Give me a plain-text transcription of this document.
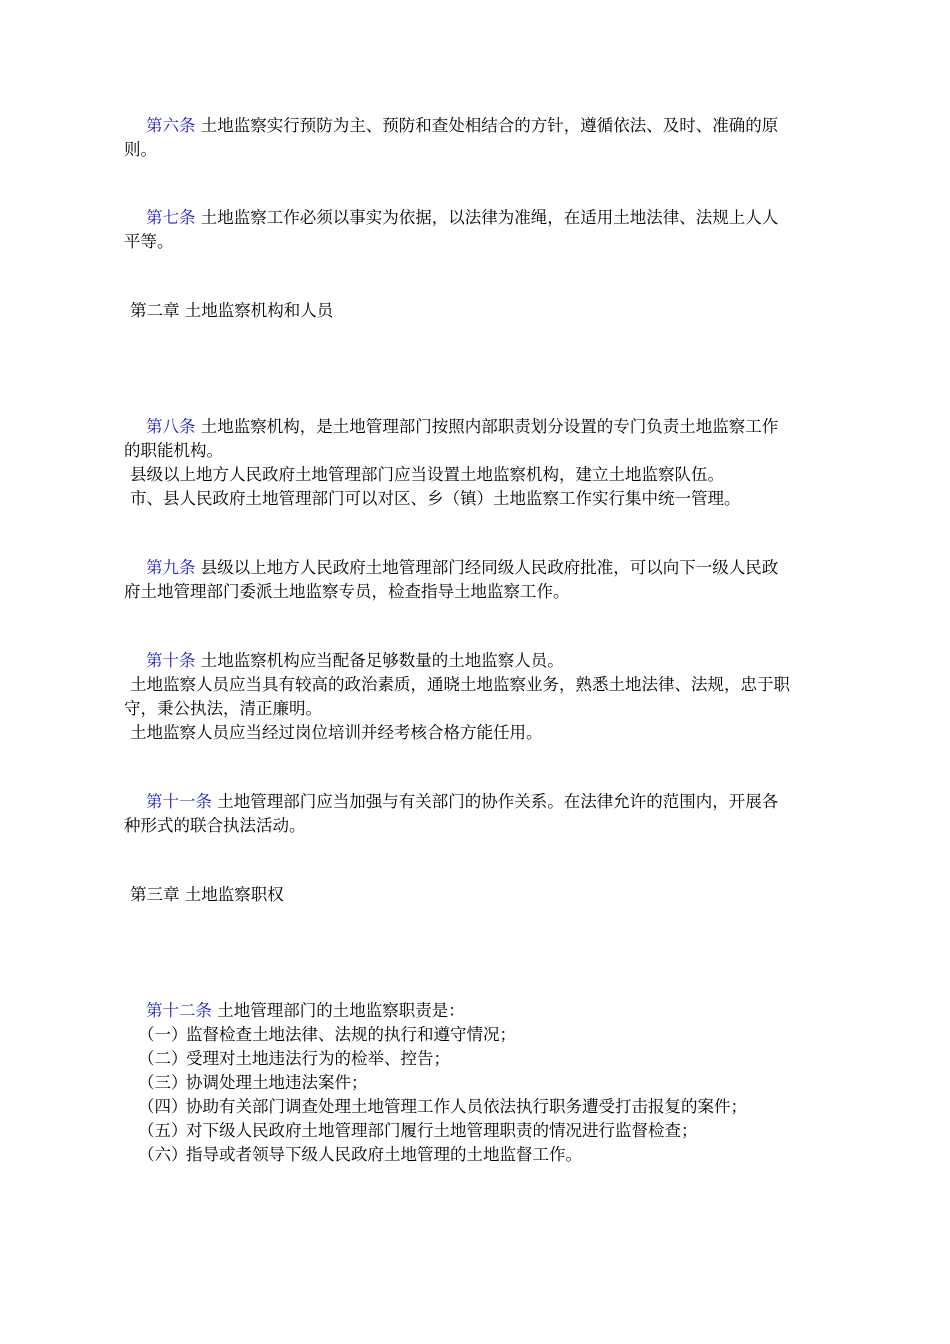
第六条 土地监察实行预防为主、预防和查处相结合的方针，遵循依法、及时、准确的原
则。
第七条 土地监察工作必须以事实为依据，以法律为准绳，在适用土地法律、法规上人人
平等。
第二章 土地监察机构和人员
第八条 土地监察机构，是土地管理部门按照内部职责划分设置的专门负责土地监察工作
的职能机构。
县级以上地方人民政府土地管理部门应当设置土地监察机构，建立土地监察队伍。
市、县人民政府土地管理部门可以对区、乡（镇）土地监察工作实行集中统一管理。
第九条 县级以上地方人民政府土地管理部门经同级人民政府批准，可以向下一级人民政
府土地管理部门委派土地监察专员，检查指导土地监察工作。
第十条 土地监察机构应当配备足够数量的土地监察人员。
土地监察人员应当具有较高的政治素质，通晓土地监察业务，熟悉土地法律、法规，忠于职
守，秉公执法，清正廉明。
土地监察人员应当经过岗位培训并经考核合格方能任用。
第十一条 土地管理部门应当加强与有关部门的协作关系。在法律允许的范围内，开展各
种形式的联合执法活动。
第三章 土地监察职权
第十二条 土地管理部门的土地监察职责是：
（一）监督检查土地法律、法规的执行和遵守情况；
（二）受理对土地违法行为的检举、控告；
（三）协调处理土地违法案件；
（四）协助有关部门调查处理土地管理工作人员依法执行职务遭受打击报复的案件；
（五）对下级人民政府土地管理部门履行土地管理职责的情况进行监督检查；
（六）指导或者领导下级人民政府土地管理的土地监督工作。
